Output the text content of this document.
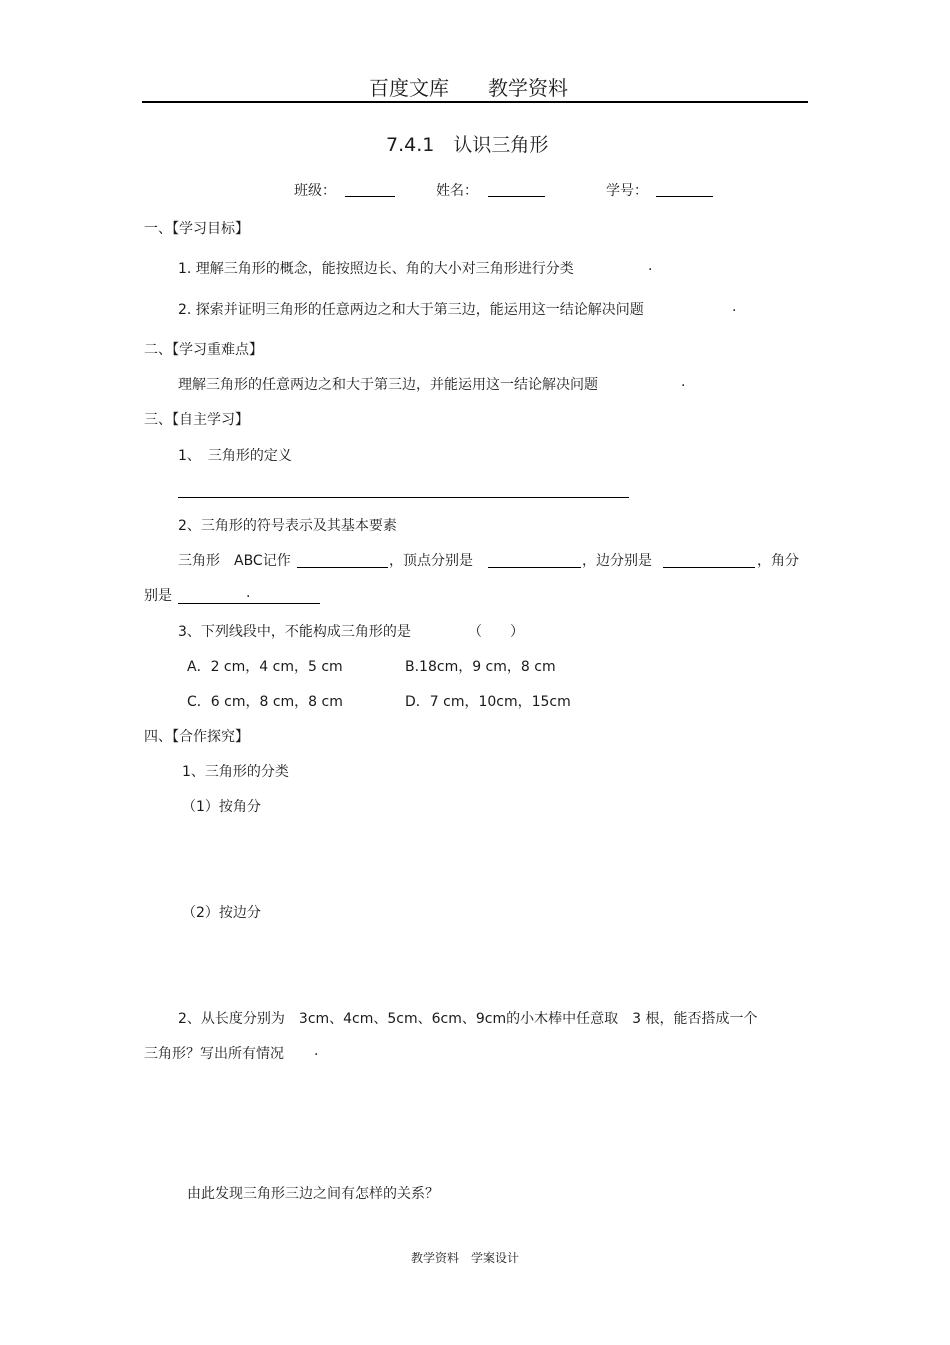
百度文库 教学资料
7.4.1　认识三角形
班级：	姓名：	学号：
一、【学习目标】
1. 理解三角形的概念，能按照边长、角的大小对三角形进行分类	.
2. 探索并证明三角形的任意两边之和大于第三边，能运用这一结论解决问题	.
二、【学习重难点】
理解三角形的任意两边之和大于第三边，并能运用这一结论解决问题	.
三、【自主学习】
1、　三角形的定义
2、三角形的符号表示及其基本要素
三角形　ABC记作	，顶点分别是	，边分别是	，角分
别是	.
3、下列线段中，不能构成三角形的是	（　　）
A．2 cm，4 cm，5 cm	B.18cm，9 cm，8 cm
C．6 cm，8 cm，8 cm	D．7 cm，10cm，15cm
四、【合作探究】
1、三角形的分类
（1）按角分
（2）按边分
2、从长度分别为　3cm、4cm、5cm、6cm、9cm的小木棒中任意取　3 根，能否搭成一个
三角形？写出所有情况 .
由此发现三角形三边之间有怎样的关系？
教学资料　学案设计
